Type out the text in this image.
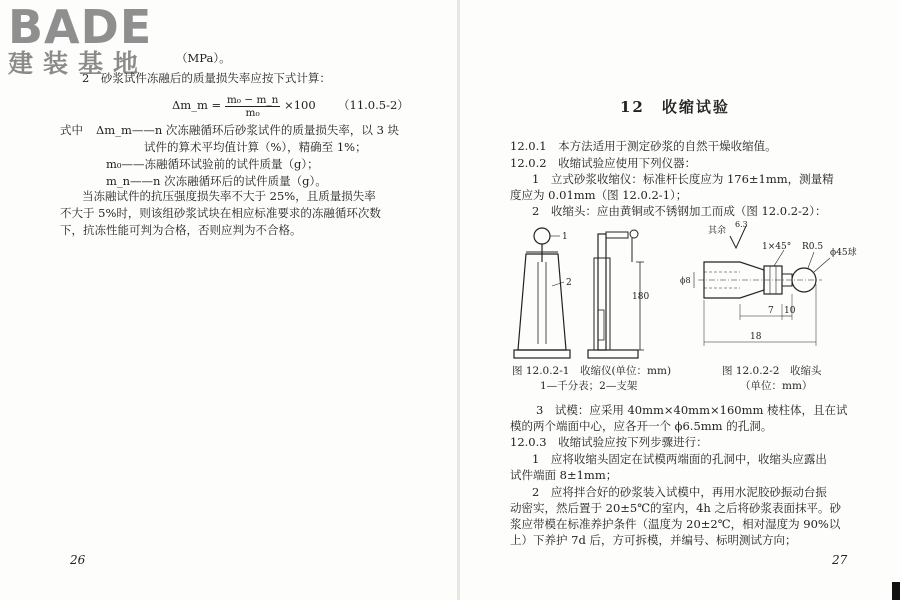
BADE
建装基地 （MPa）。
2　砂浆试件冻融后的质量损失率应按下式计算：
Δm_m = $\frac{\text{m₀ − m\_n}}{\text{m₀}} \times 100$ （11.0.5-2）
式中 Δm_m——n 次冻融循环后砂浆试件的质量损失率，以 3 块
试件的算术平均值计算（%），精确至 1%；
m₀——冻融循环试验前的试件质量（g）；
m_n——n 次冻融循环后的试件质量（g）。
当冻融试件的抗压强度损失率不大于 25%，且质量损失率
不大于 5%时，则该组砂浆试块在相应标准要求的冻融循环次数
下，抗冻性能可判为合格，否则应判为不合格。
26
12　收缩试验
12.0.1　本方法适用于测定砂浆的自然干燥收缩值。
12.0.2　收缩试验应使用下列仪器：
1　立式砂浆收缩仪：标准杆长度应为 176±1mm，测量精
度应为 0.01mm（图 12.0.2-1）；
2　收缩头：应由黄铜或不锈钢加工而成（图 12.0.2-2）：
1
2
180
其余
6.3
1×45° R0.5
ϕ45球
7 10
18
ϕ8
图 12.0.2-1　收缩仪(单位：mm)
1—千分表；2—支架
图 12.0.2-2　收缩头
（单位：mm）
3　试模：应采用 40mm×40mm×160mm 棱柱体，且在试
模的两个端面中心，应各开一个 ϕ6.5mm 的孔洞。
12.0.3　收缩试验应按下列步骤进行：
1　应将收缩头固定在试模两端面的孔洞中，收缩头应露出
试件端面 8±1mm；
2　应将拌合好的砂浆装入试模中，再用水泥胶砂振动台振
动密实，然后置于 20±5℃的室内，4h 之后将砂浆表面抹平。砂
浆应带模在标准养护条件（温度为 20±2℃，相对湿度为 90%以
上）下养护 7d 后，方可拆模，并编号、标明测试方向；
27
